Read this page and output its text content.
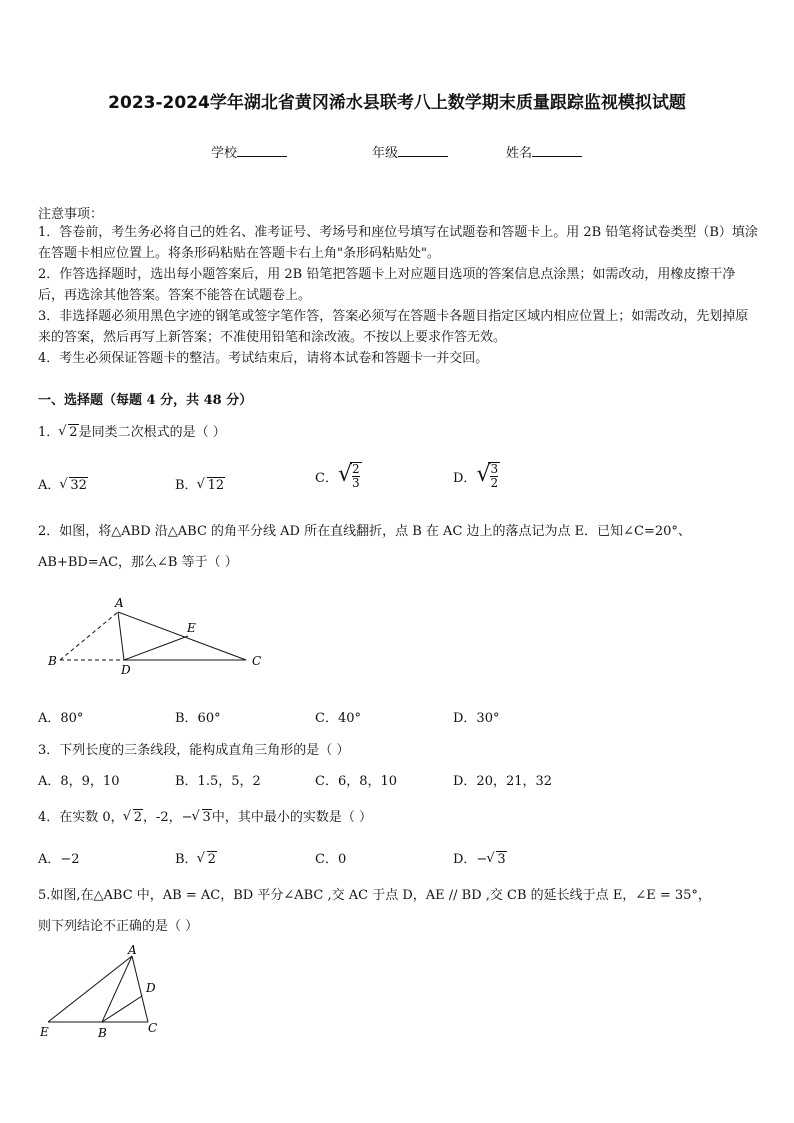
2023-2024学年湖北省黄冈浠水县联考八上数学期末质量跟踪监视模拟试题
学校	年级	姓名
注意事项：

1．答卷前，考生务必将自己的姓名、准考证号、考场号和座位号填写在试题卷和答题卡上。用 2B 铅笔将试卷类型（B）填涂在答题卡相应位置上。将条形码粘贴在答题卡右上角"条形码粘贴处"。

2．作答选择题时，选出每小题答案后，用 2B 铅笔把答题卡上对应题目选项的答案信息点涂黑；如需改动，用橡皮擦干净后，再选涂其他答案。答案不能答在试题卷上。

3．非选择题必须用黑色字迹的钢笔或签字笔作答，答案必须写在答题卡各题目指定区域内相应位置上；如需改动，先划掉原来的答案，然后再写上新答案；不准使用铅笔和涂改液。不按以上要求作答无效。

4．考生必须保证答题卡的整洁。考试结束后，请将本试卷和答题卡一并交回。

一、选择题（每题 4 分，共 48 分）
1． √ 2是同类二次根式的是（ ）
A． √ 32	B． √ 12	C． √
$\frac{2}{3}$	D． √
$\frac{3}{2}$
2．如图，将△ABD 沿△ABC 的角平分线 AD 所在直线翻折，点 B 在 AC 边上的落点记为点 E．已知∠C=20°、
AB+BD=AC，那么∠B 等于（ ）
A
B
D
E
C
A．80°	B．60°	C．40°	D．30°
3．下列长度的三条线段，能构成直角三角形的是（ ）
A．8，9，10	B．1.5，5，2	C．6，8，10	D．20，21，32
4．在实数 0， √ 2，-2，− √ 3中，其中最小的实数是（ ）
A．−2	B． √ 2	C．0	D．− √ 3
5.如图,在△ABC 中，AB = AC，BD 平分∠ABC ,交 AC 于点 D，AE // BD ,交 CB 的延长线于点 E，∠E = 35°，
则下列结论不正确的是（ ）
A
D
E	B	C
